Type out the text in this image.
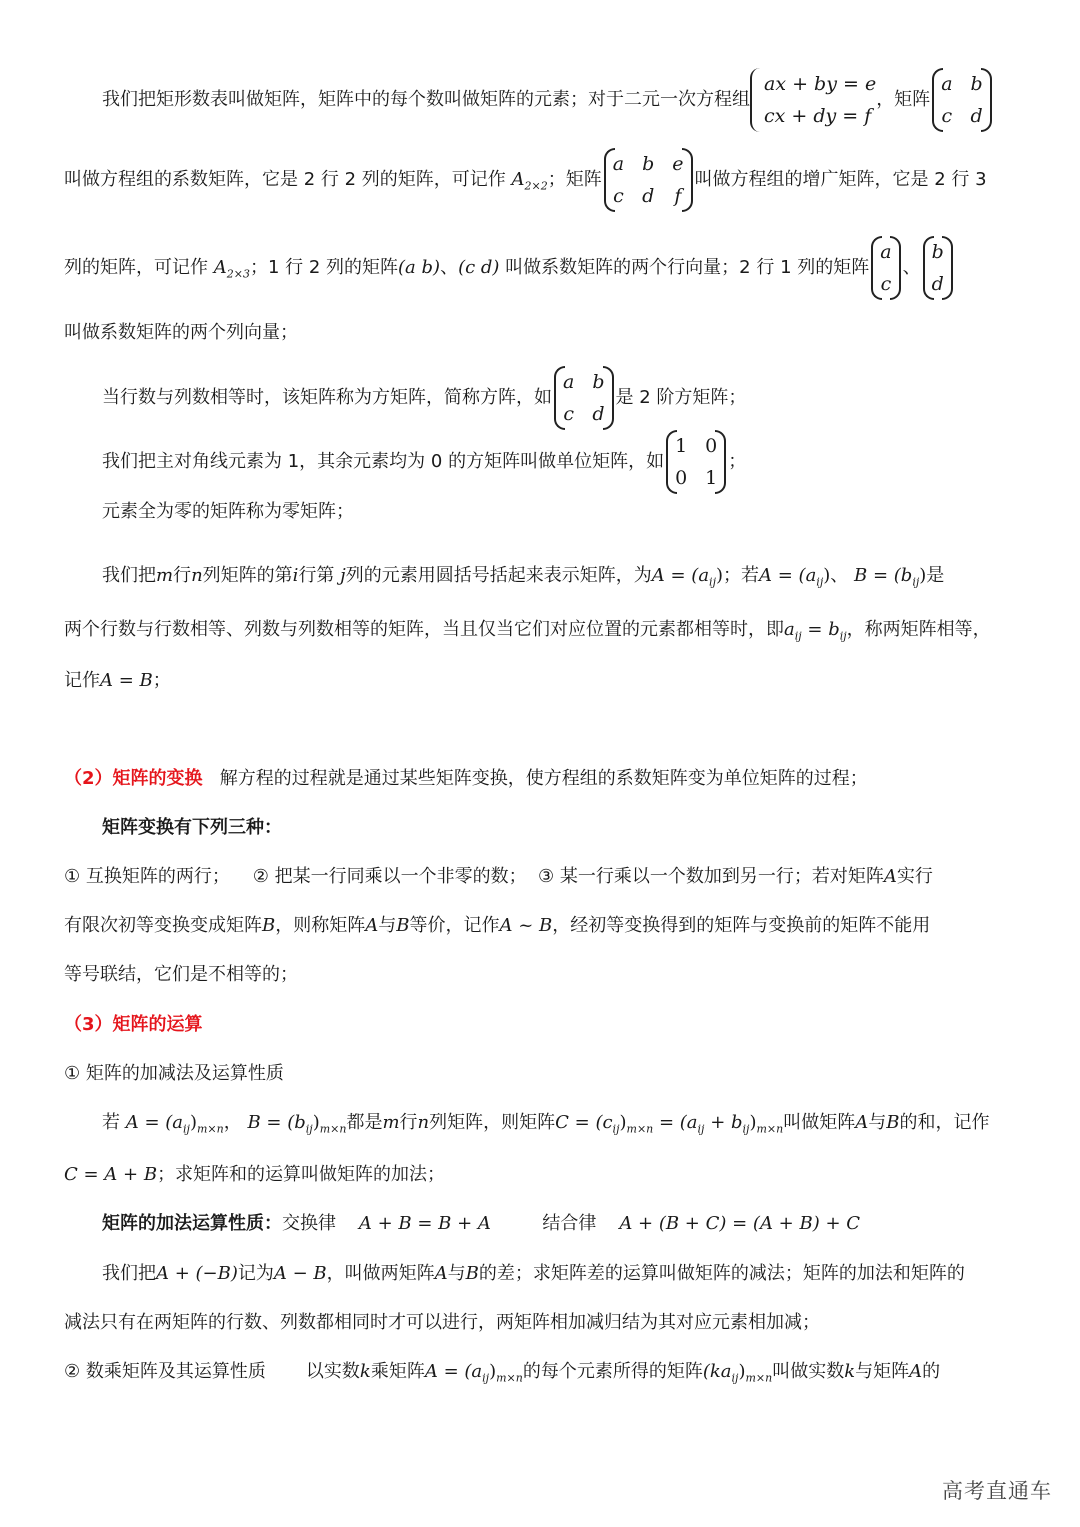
我们把矩形数表叫做矩阵，矩阵中的每个数叫做矩阵的元素；对于二元一次方程组
ax + by = e
cx + dy = f
，矩阵
a	b
c	d
叫做方程组的系数矩阵，它是 2 行 2 列的矩阵，可记作 $A_{2\times 2}$；矩阵
a	b	e
c	d	f
叫做方程组的增广矩阵，它是 2 行 3
列的矩阵，可记作 $A_{2\times 3}$；1 行 2 列的矩阵(a b)、(c d) 叫做系数矩阵的两个行向量；2 行 1 列的矩阵
a
c
、
b
d
叫做系数矩阵的两个列向量；
当行数与列数相等时，该矩阵称为方矩阵，简称方阵，如
a	b
c	d
是 2 阶方矩阵；
我们把主对角线元素为 1，其余元素均为 0 的方矩阵叫做单位矩阵，如
1	0
0	1
；
元素全为零的矩阵称为零矩阵；
我们把m行n列矩阵的第i行第 j列的元素用圆括号括起来表示矩阵，为$A = (a_{ij})$；若$A = (a_{ij})$、 $B = (b_{ij})$是
两个行数与行数相等、列数与列数相等的矩阵，当且仅当它们对应位置的元素都相等时，即$a_{ij} = b_{ij}$，称两矩阵相等，
记作A = B；
（2）矩阵的变换 解方程的过程就是通过某些矩阵变换，使方程组的系数矩阵变为单位矩阵的过程；
矩阵变换有下列三种：
① 互换矩阵的两行；    ② 把某一行同乘以一个非零的数；  ③ 某一行乘以一个数加到另一行；若对矩阵A实行
有限次初等变换变成矩阵B，则称矩阵A与B等价，记作A ~ B，经初等变换得到的矩阵与变换前的矩阵不能用
等号联结，它们是不相等的；
（3）矩阵的运算
① 矩阵的加减法及运算性质
若 $A = (a_{ij})_{m\times n}$， $B = (b_{ij})_{m\times n}$都是m行n列矩阵，则矩阵$C = (c_{ij})_{m\times n} = (a_{ij} + b_{ij})_{m\times n}$叫做矩阵A与B的和，记作
C = A + B；求矩阵和的运算叫做矩阵的加法；
矩阵的加法运算性质：交换律 A + B = B + A	结合律 A + (B + C) = (A + B) + C
我们把A + (−B)记为A − B，叫做两矩阵A与B的差；求矩阵差的运算叫做矩阵的减法；矩阵的加法和矩阵的
减法只有在两矩阵的行数、列数都相同时才可以进行，两矩阵相加减归结为其对应元素相加减；
② 数乘矩阵及其运算性质 以实数k乘矩阵$A = (a_{ij})_{m\times n}$的每个元素所得的矩阵$(ka_{ij})_{m\times n}$叫做实数k与矩阵A的
高考直通车
